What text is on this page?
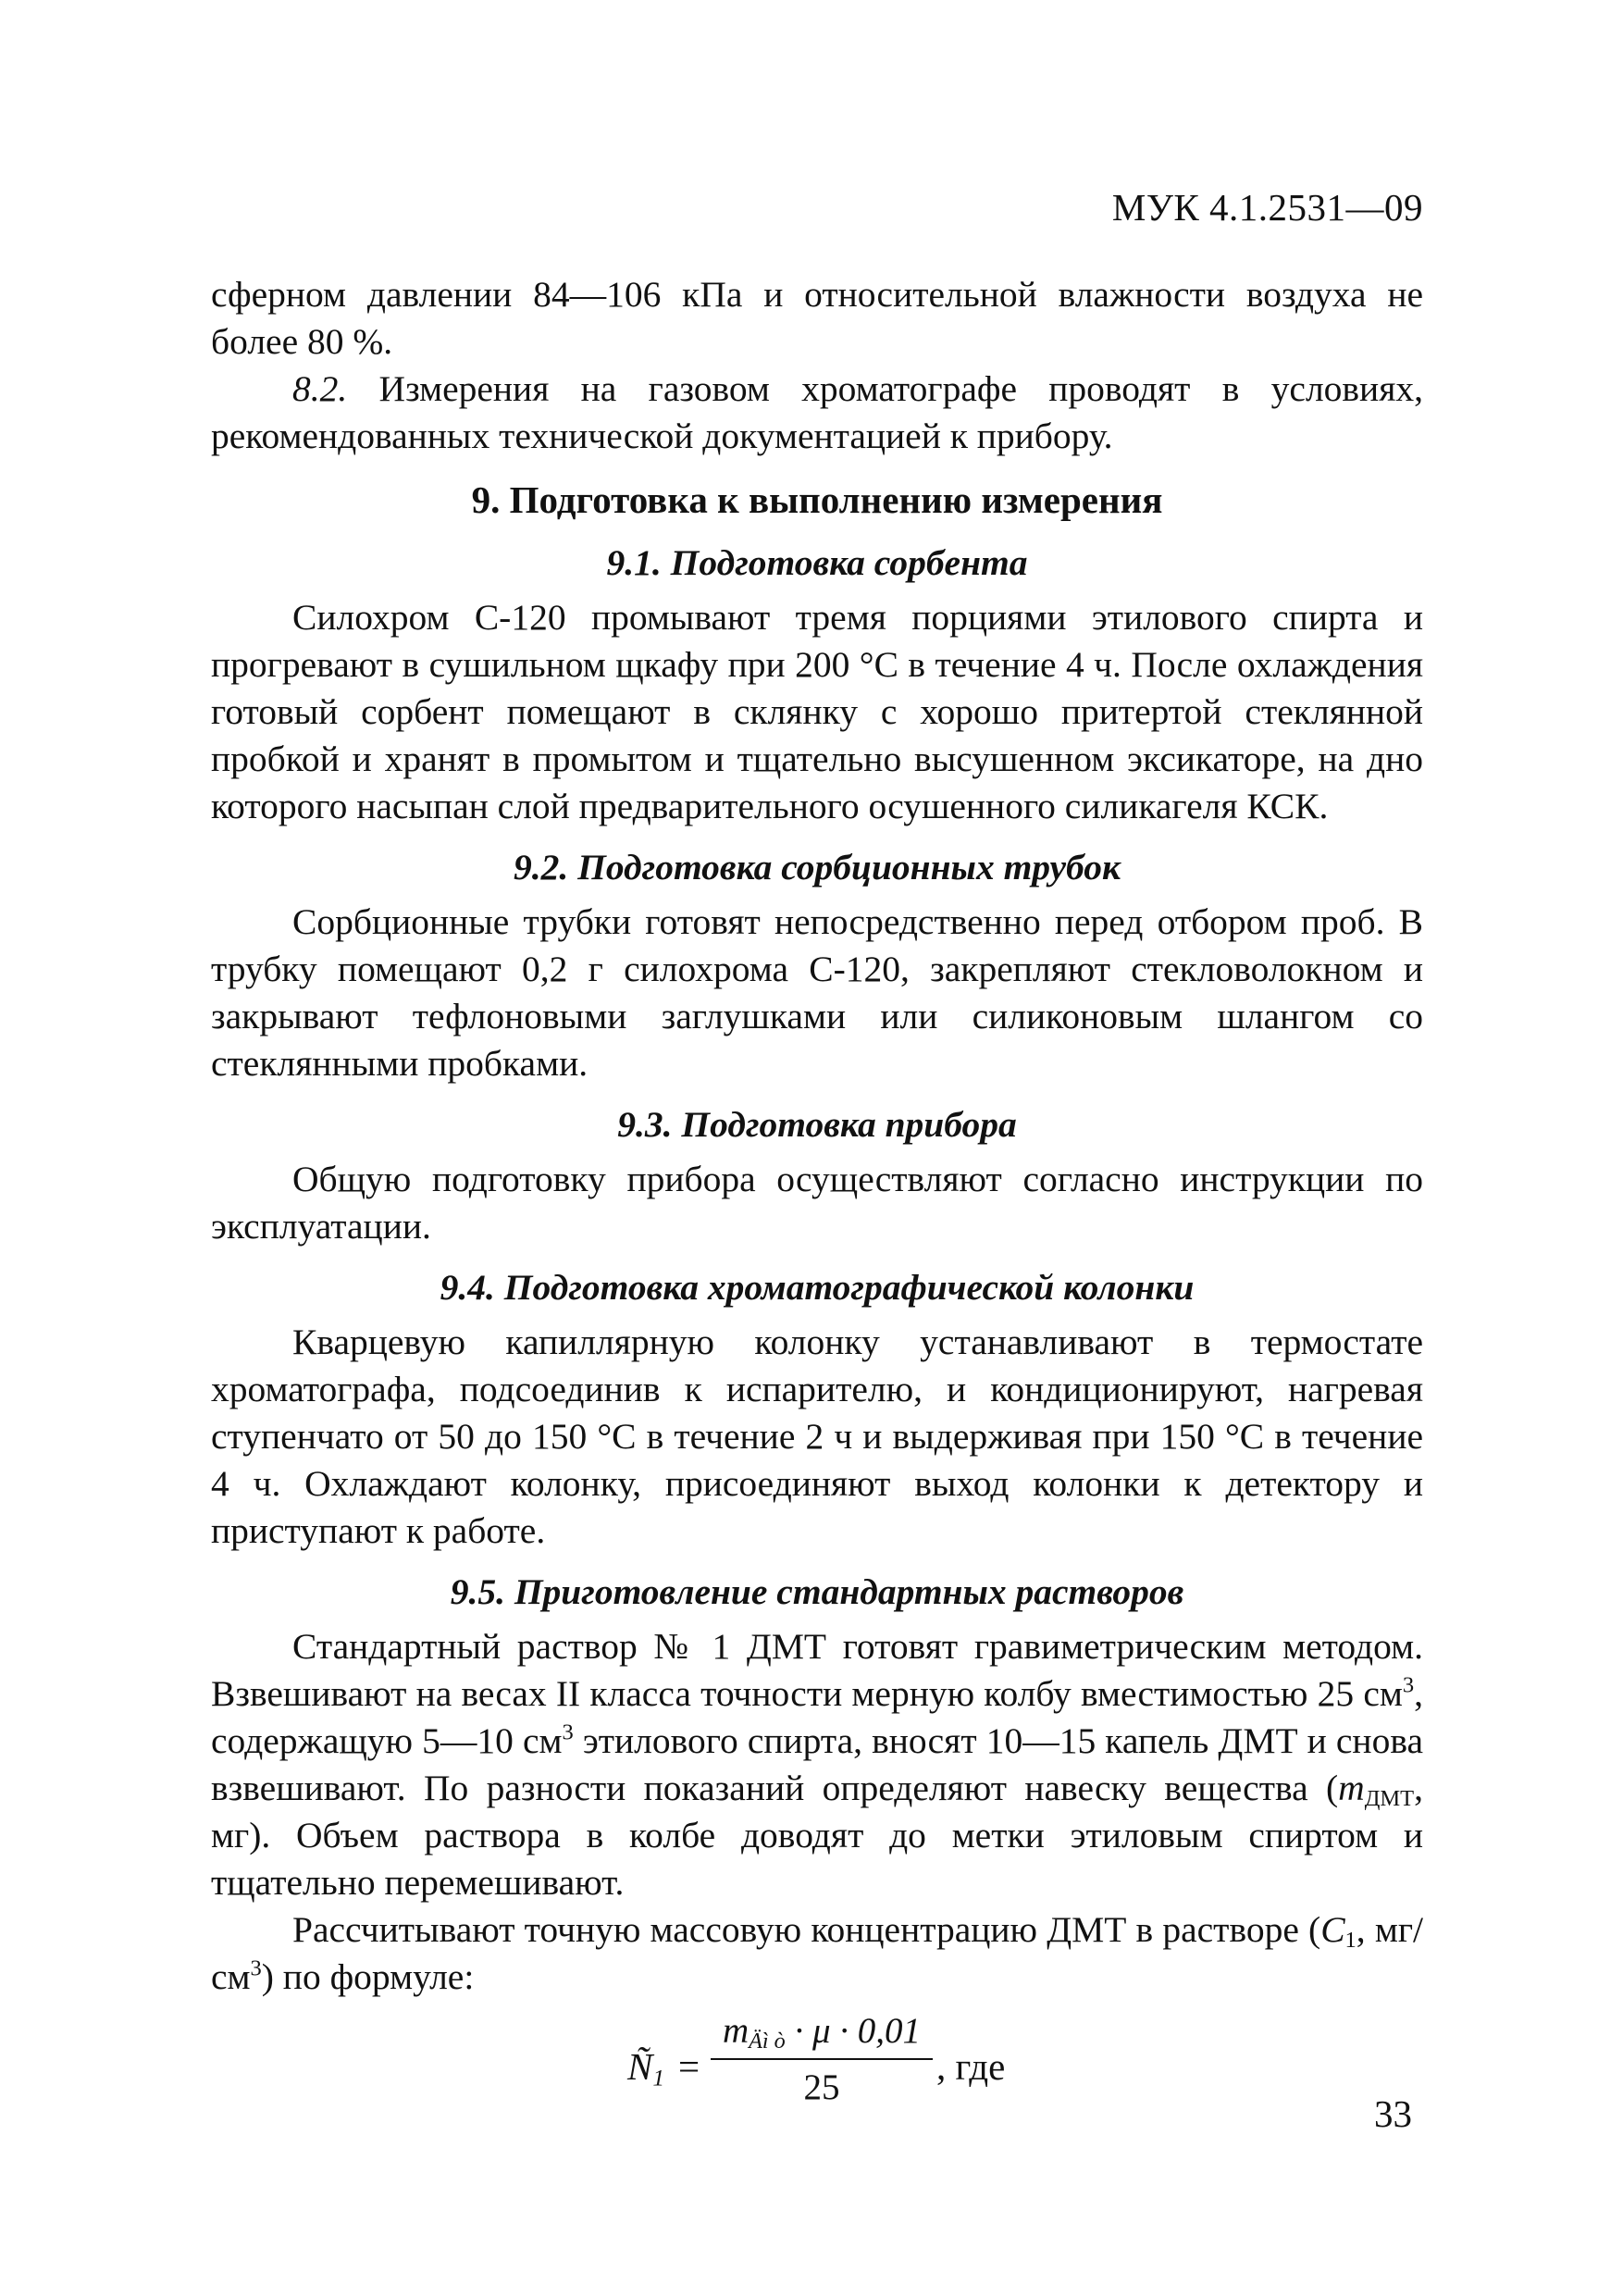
МУК 4.1.2531—09

сферном давлении 84—106 кПа и относительной влажности воздуха не более 80 %.

8.2. Измерения на газовом хроматографе проводят в условиях, рекомендованных технической документацией к прибору.

9. Подготовка к выполнению измерения
9.1. Подготовка сорбента

Силохром С-120 промывают тремя порциями этилового спирта и прогревают в сушильном щкафу при 200 °С в течение 4 ч. После охлаждения готовый сорбент помещают в склянку с хорошо притертой стеклянной пробкой и хранят в промытом и тщательно высушенном эксикаторе, на дно которого насыпан слой предварительного осушенного силикагеля КСК.

9.2. Подготовка сорбционных трубок

Сорбционные трубки готовят непосредственно перед отбором проб. В трубку помещают 0,2 г силохрома С-120, закрепляют стекловолокном и закрывают тефлоновыми заглушками или силиконовым шлангом со стеклянными пробками.

9.3. Подготовка прибора

Общую подготовку прибора осуществляют согласно инструкции по эксплуатации.

9.4. Подготовка хроматографической колонки

Кварцевую капиллярную колонку устанавливают в термостате хроматографа, подсоединив к испарителю, и кондиционируют, нагревая ступенчато от 50 до 150 °С в течение 2 ч и выдерживая при 150 °С в течение 4 ч. Охлаждают колонку, присоединяют выход колонки к детектору и приступают к работе.

9.5. Приготовление стандартных растворов

Стандартный раствор № 1 ДМТ готовят гравиметрическим методом. Взвешивают на весах II класса точности мерную колбу вместимостью 25 $см^3$, содержащую 5—10 $см^3$ этилового спирта, вносят 10—15 капель ДМТ и снова взвешивают. По разности показаний определяют навеску вещества ($m_{ДМТ}$, мг). Объем раствора в колбе доводят до метки этиловым спиртом и тщательно перемешивают.

Рассчитывают точную массовую концентрацию ДМТ в растворе ($C_1$, $мг/см^3$) по формуле:

$Ñ_1$ =
$m_{Äì ò} \cdot \mu \cdot 0,01$
25	, где
33
